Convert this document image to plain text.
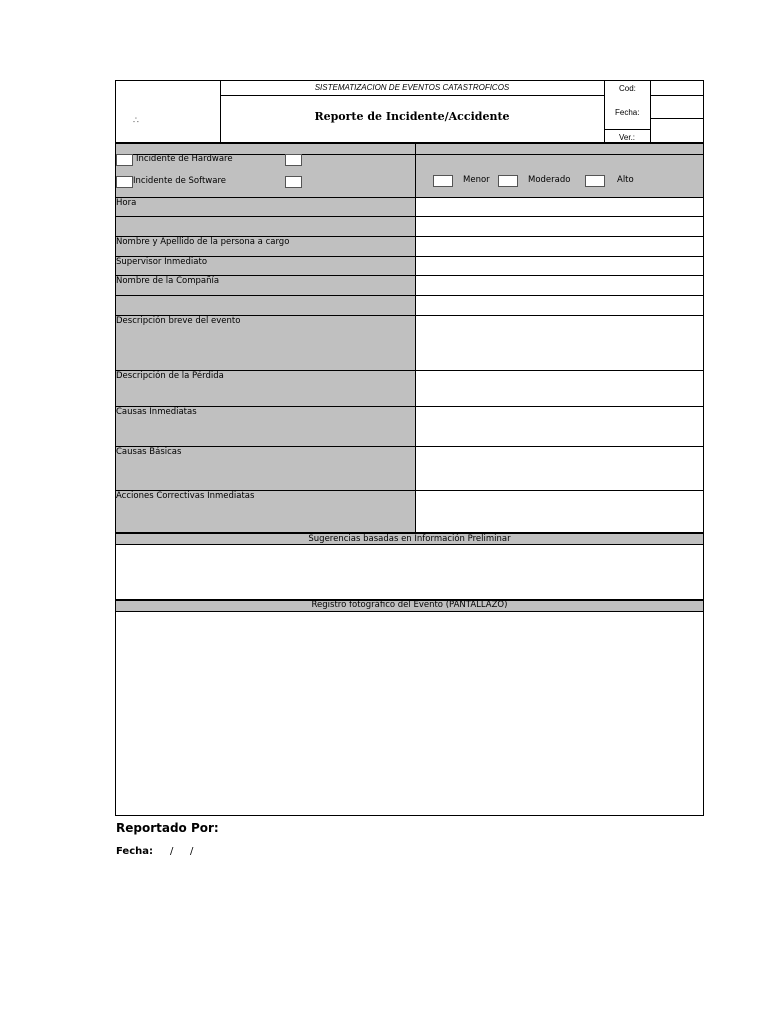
∴
SISTEMATIZACION DE EVENTOS CATASTROFICOS
Reporte de Incidente/Accidente
Cod:
Fecha:
Ver.:
Incidente de Hardware
Incidente de Software	Menor	Moderado	Alto
Hora
Nombre y Apellido de la persona a cargo
Supervisor Inmediato
Nombre de la Compañía
Descripción breve del evento
Descripción de la Pérdida
Causas Inmediatas
Causas Básicas
Acciones Correctivas Inmediatas
Sugerencias basadas en Información Preliminar
Registro fotográfico del Evento (PANTALLAZO)
Reportado Por:
Fecha: / /
